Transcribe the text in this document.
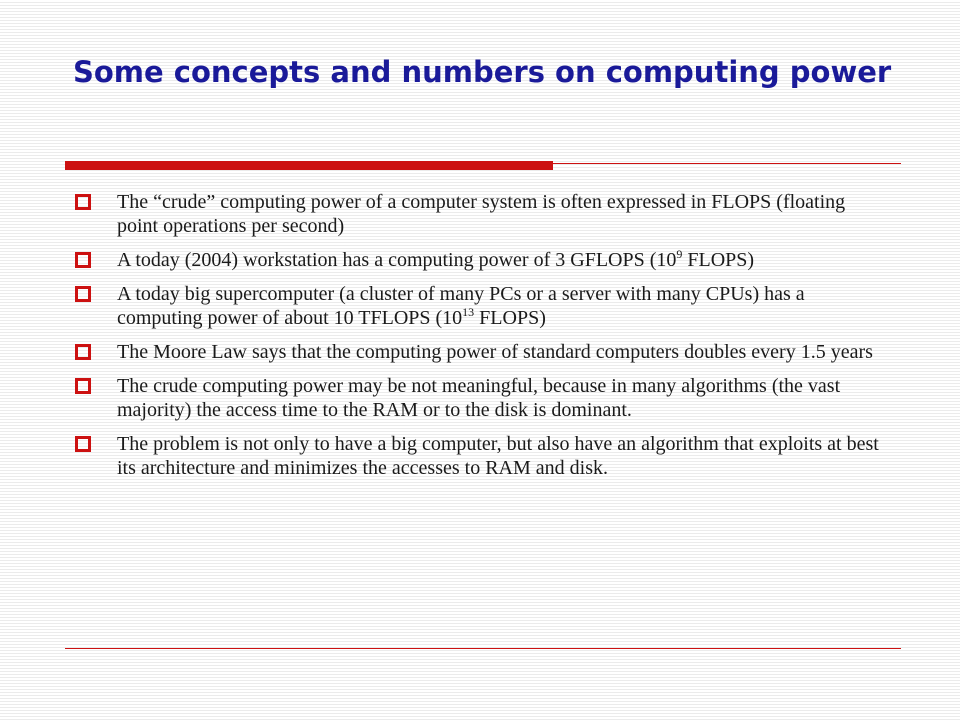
Some concepts and numbers on computing power
The “crude” computing power of a computer system is often expressed in FLOPS (floating point operations per second)
A today (2004) workstation has a computing power of 3 GFLOPS ($10^9$ FLOPS)
A today big supercomputer (a cluster of many PCs or a server with many CPUs) has a computing power of about 10 TFLOPS ($10^{13}$ FLOPS)
The Moore Law says that the computing power of standard computers doubles every 1.5 years
The crude computing power may be not meaningful, because in many algorithms (the vast majority) the access time to the RAM or to the disk is dominant.
The problem is not only to have a big computer, but also have an algorithm that exploits at best its architecture and minimizes the accesses to RAM and disk.
